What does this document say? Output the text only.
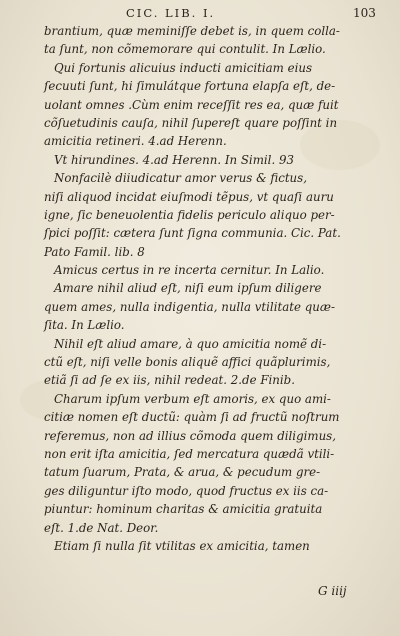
CIC. LIB. I.	103
brantium, quæ meminiſſe debet is, in quem colla-
ta ſunt, non cõmemorare qui contulit. In Lælio.
Qui fortunis alicuius inducti amicitiam eius
ſecuuti ſunt, hi ſimulátque fortuna elapſa eſt, de-
uolant omnes .Cùm enim receſſit res ea, quæ fuit
cõſuetudinis cauſa, nihil ſupereſt quare poſſint in
amicitia retineri. 4.ad Herenn.
Vt hirundines. 4.ad Herenn. In Simil. 93
Nonfacilè diiudicatur amor verus & fictus,
niſi aliquod incidat eiuſmodi tẽpus, vt quaſi auru
igne, ſic beneuolentia fidelis periculo aliquo per-
ſpici poſſit: cætera ſunt ſigna communia. Cic. Pat.
Pato Famil. lib. 8
Amicus certus in re incerta cernitur. In Lalio.
Amare nihil aliud eſt, niſi eum ipſum diligere
quem ames, nulla indigentia, nulla vtilitate quæ-
ſita. In Lælio.
Nihil eſt aliud amare, à quo amicitia nomẽ di-
ctũ eſt, niſi velle bonis aliquẽ affici quãplurimis,
etiã ſi ad ſe ex iis, nihil redeat. 2.de Finib.
Charum ipſum verbum eſt amoris, ex quo ami-
citiæ nomen eſt ductũ: quàm ſi ad fructũ noſtrum
referemus, non ad illius cõmoda quem diligimus,
non erit iſta amicitia, ſed mercatura quædã vtili-
tatum ſuarum, Prata, & arua, & pecudum gre-
ges diliguntur iſto modo, quod fructus ex iis ca-
piuntur: hominum charitas & amicitia gratuita
eſt. 1.de Nat. Deor.
Etiam ſi nulla ſit vtilitas ex amicitia, tamen
G iiij
